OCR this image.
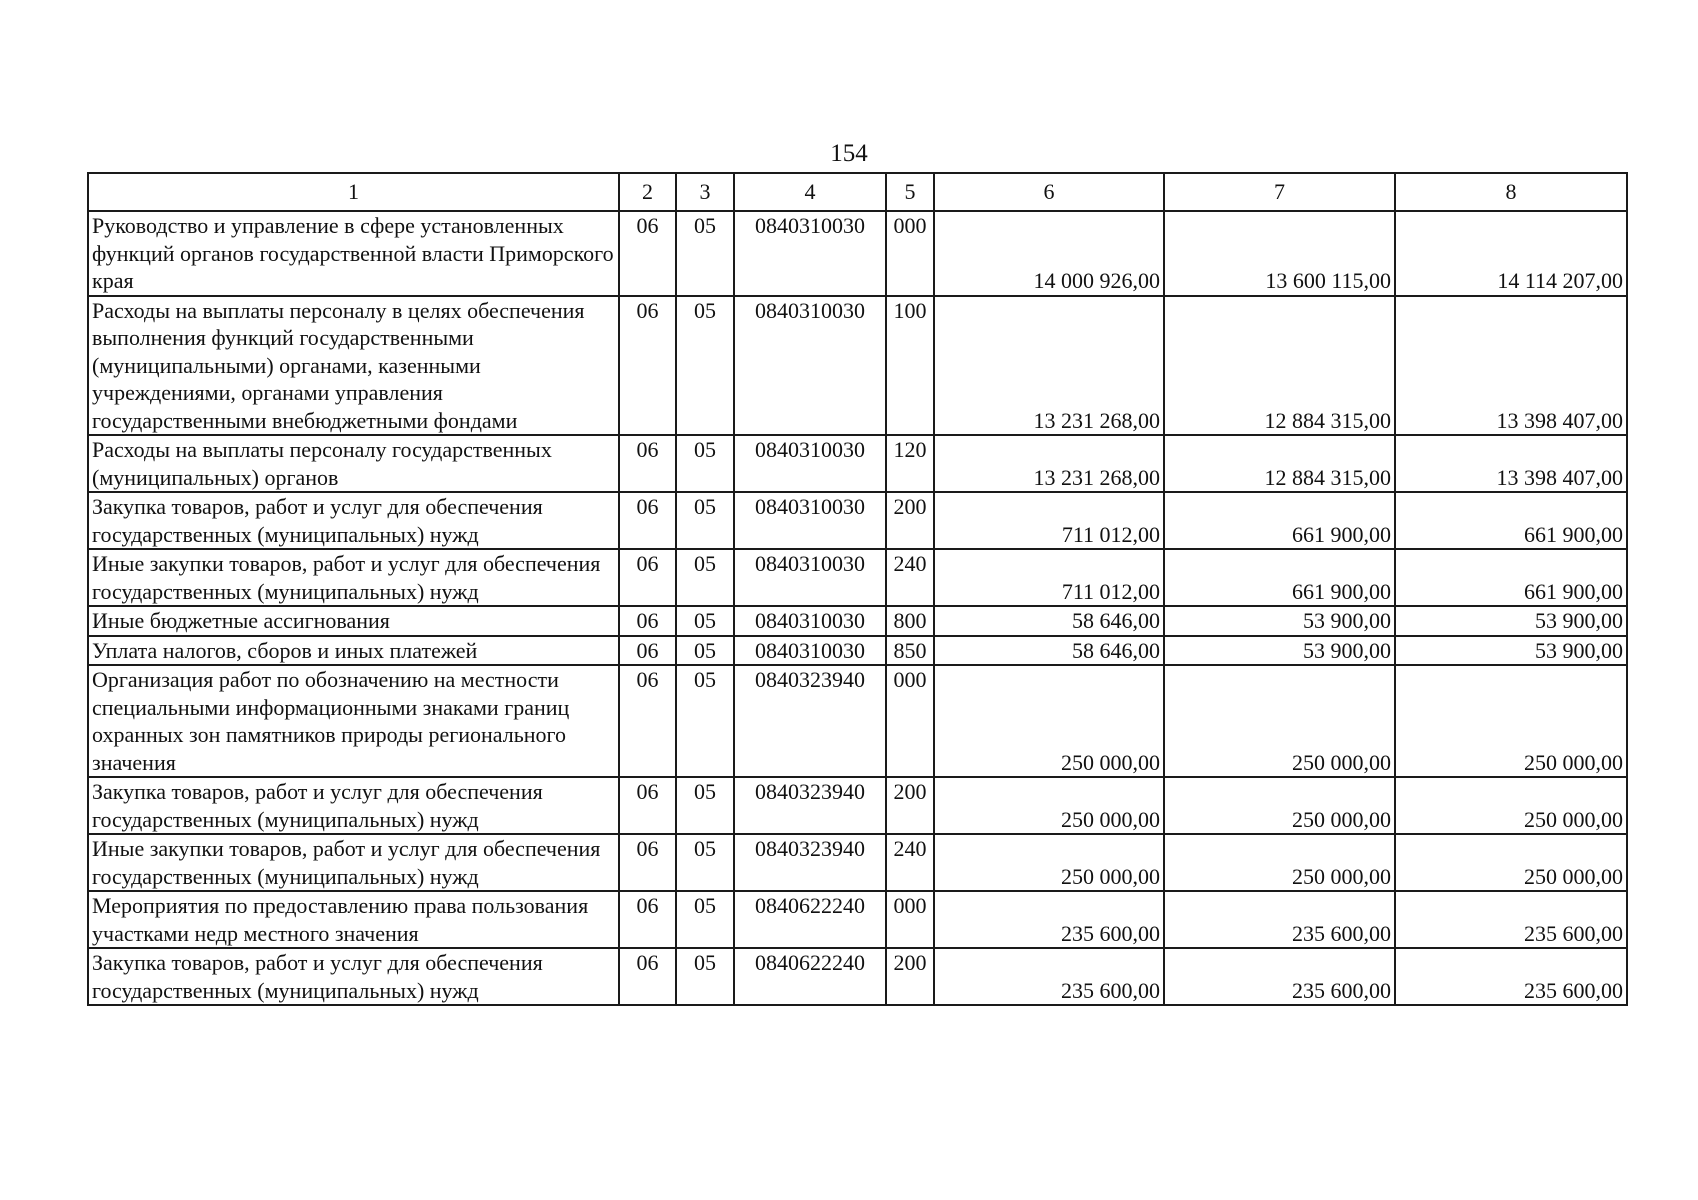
154
1	2	3	4	5	6	7	8
Руководство и управление в сфере установленных функций органов государственной власти Приморского края	06	05	0840310030	000	14 000 926,00	13 600 115,00	14 114 207,00
Расходы на выплаты персоналу в целях обеспечения выполнения функций государственными (муниципальными) органами, казенными учреждениями, органами управления государственными внебюджетными фондами	06	05	0840310030	100	13 231 268,00	12 884 315,00	13 398 407,00
Расходы на выплаты персоналу государственных (муниципальных) органов	06	05	0840310030	120	13 231 268,00	12 884 315,00	13 398 407,00
Закупка товаров, работ и услуг для обеспечения государственных (муниципальных) нужд	06	05	0840310030	200	711 012,00	661 900,00	661 900,00
Иные закупки товаров, работ и услуг для обеспечения государственных (муниципальных) нужд	06	05	0840310030	240	711 012,00	661 900,00	661 900,00
Иные бюджетные ассигнования	06	05	0840310030	800	58 646,00	53 900,00	53 900,00
Уплата налогов, сборов и иных платежей	06	05	0840310030	850	58 646,00	53 900,00	53 900,00
Организация работ по обозначению на местности специальными информационными знаками границ охранных зон памятников природы регионального значения	06	05	0840323940	000	250 000,00	250 000,00	250 000,00
Закупка товаров, работ и услуг для обеспечения государственных (муниципальных) нужд	06	05	0840323940	200	250 000,00	250 000,00	250 000,00
Иные закупки товаров, работ и услуг для обеспечения государственных (муниципальных) нужд	06	05	0840323940	240	250 000,00	250 000,00	250 000,00
Мероприятия по предоставлению права пользования участками недр местного значения	06	05	0840622240	000	235 600,00	235 600,00	235 600,00
Закупка товаров, работ и услуг для обеспечения государственных (муниципальных) нужд	06	05	0840622240	200	235 600,00	235 600,00	235 600,00
